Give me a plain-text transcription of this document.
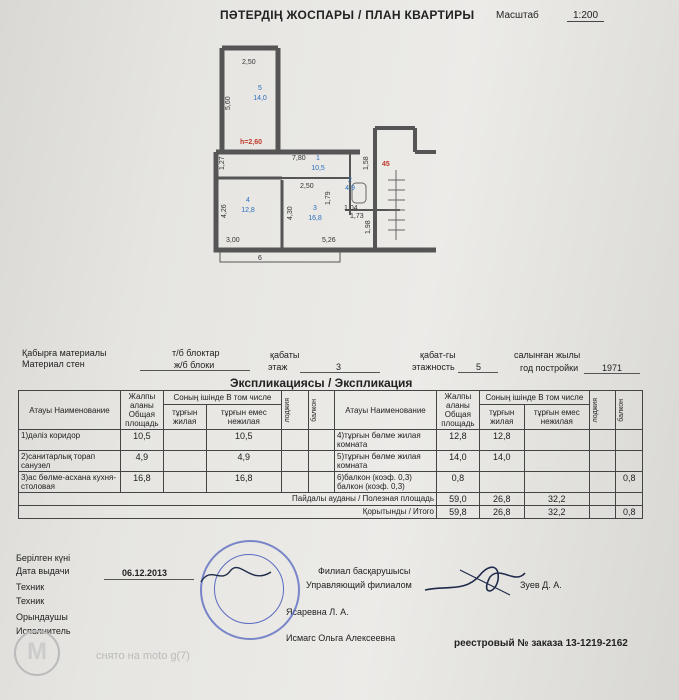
ПӘТЕРДІҢ ЖОСПАРЫ / ПЛАН КВАРТИРЫ Масштаб	1:200
2,50
5,60
h=2,60
7,80
1,27
2,50
1,79
1,58
1,04
1,73
4,26	4,30
1,98
3,00	5,26
6
45
5
14,0
1
10,5
2
4,9
4
12,8	3
16,8
Қабырға материалы
Материал стен
т/б блоктар
ж/б блоки
қабаты
этаж	3
қабат-гы
этажность 5
салынған жылы
год постройки	1971
Экспликациясы / Экспликация
Атауы Наименование	Жалпы аланы Общая площадь	Соның ішінде В том числе		лоджия	балкон	Атауы Наименование	Жалпы аланы Общая площадь	Соның ішінде В том числе		лоджия	балкон

		тұрғын жилая	тұрғын емес нежилая					тұрғын жилая	тұрғын емес нежилая		
1)дәліз коридор	10,5		10,5			4)тұрғын бөлме жилая комната	12,8	12,8			
2)санитарлық торап санузел	4,9		4,9			5)тұрғын бөлме жилая комната	14,0	14,0			
3)ас бөлме-асхана кухня-столовая	16,8		16,8			6)балкон (коэф. 0,3) балкон (коэф. 0,3)	0,8				0,8
Пайдалы ауданы / Полезная площадь							59,0	26,8	32,2		
Қорытынды / Итого							59,8	26,8	32,2		0,8
Берілген күні
Дата выдачи	06.12.2013
Техник
Техник
Орындаушы
Исполнитель
Ясаревна Л. А.
Исмагс Ольга Алексеевна
Филиал басқарушысы
Управляющий филиалом	Зуев Д. А.
реестровый № заказа 13-1219-2162
M	снято на moto g(7)
